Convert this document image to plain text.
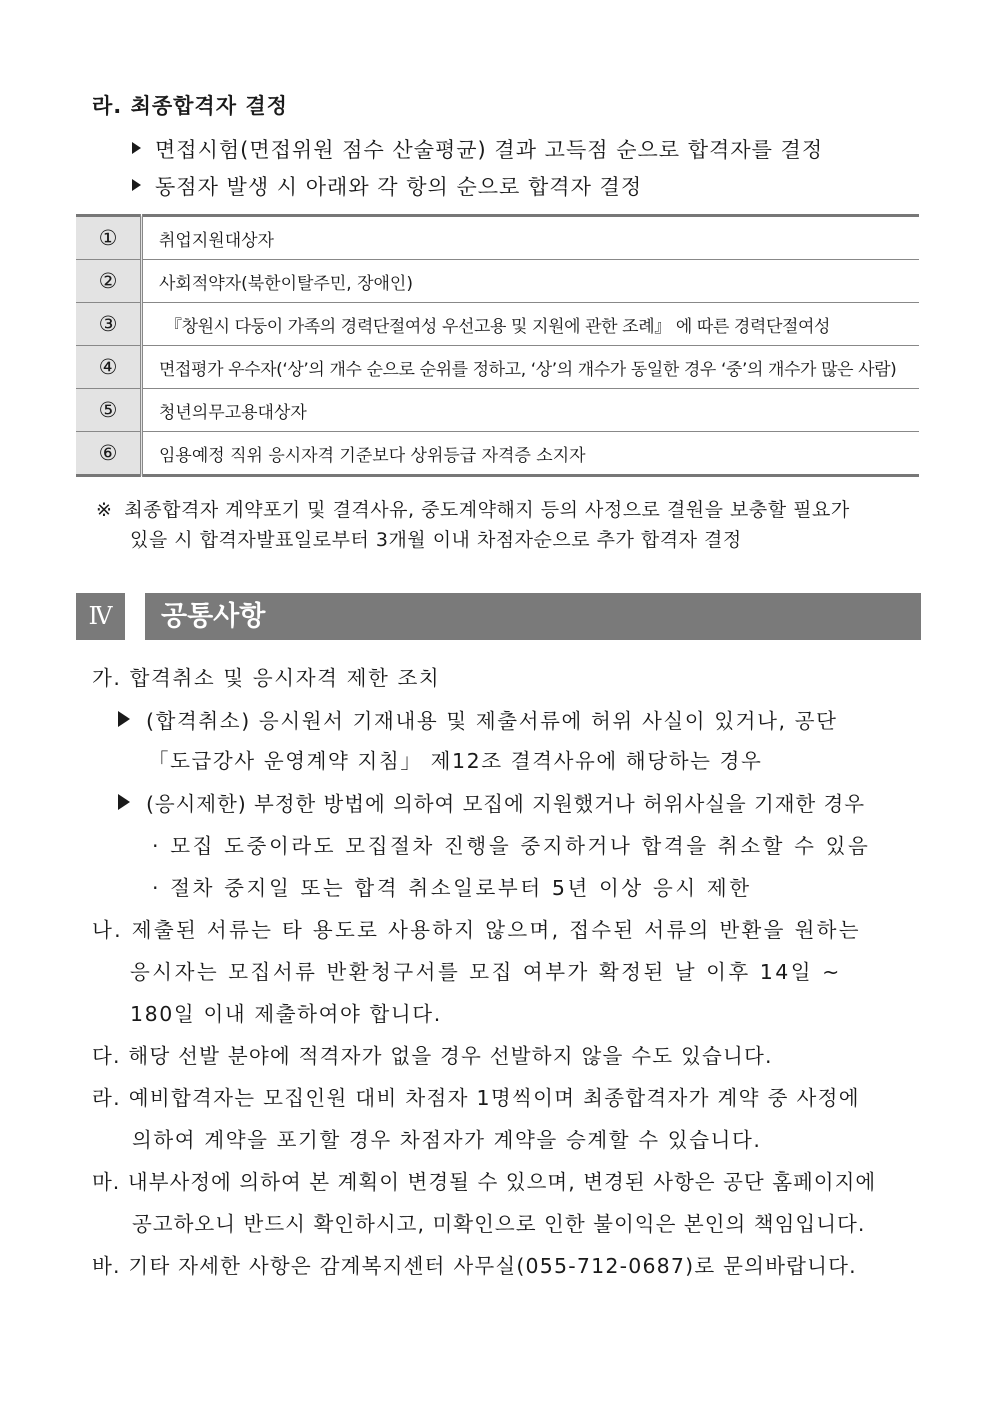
라. 최종합격자 결정
면접시험(면접위원 점수 산술평균) 결과 고득점 순으로 합격자를 결정
동점자 발생 시 아래와 각 항의 순으로 합격자 결정
①	취업지원대상자
②	사회적약자(북한이탈주민, 장애인)
③	『창원시 다둥이 가족의 경력단절여성 우선고용 및 지원에 관한 조례』 에 따른 경력단절여성
④	면접평가 우수자(‘상’의 개수 순으로 순위를 정하고, ‘상’의 개수가 동일한 경우 ‘중’의 개수가 많은 사람)
⑤	청년의무고용대상자
⑥	임용예정 직위 응시자격 기준보다 상위등급 자격증 소지자
※ 최종합격자 계약포기 및 결격사유, 중도계약해지 등의 사정으로 결원을 보충할 필요가
있을 시 합격자발표일로부터 3개월 이내 차점자순으로 추가 합격자 결정
Ⅳ	공통사항
가. 합격취소 및 응시자격 제한 조치
(합격취소) 응시원서 기재내용 및 제출서류에 허위 사실이 있거나, 공단
「도급강사 운영계약 지침」 제12조 결격사유에 해당하는 경우
(응시제한) 부정한 방법에 의하여 모집에 지원했거나 허위사실을 기재한 경우
· 모집 도중이라도 모집절차 진행을 중지하거나 합격을 취소할 수 있음
· 절차 중지일 또는 합격 취소일로부터 5년 이상 응시 제한
나. 제출된 서류는 타 용도로 사용하지 않으며, 접수된 서류의 반환을 원하는
응시자는 모집서류 반환청구서를 모집 여부가 확정된 날 이후 14일 ~
180일 이내 제출하여야 합니다.
다. 해당 선발 분야에 적격자가 없을 경우 선발하지 않을 수도 있습니다.
라. 예비합격자는 모집인원 대비 차점자 1명씩이며 최종합격자가 계약 중 사정에
의하여 계약을 포기할 경우 차점자가 계약을 승계할 수 있습니다.
마. 내부사정에 의하여 본 계획이 변경될 수 있으며, 변경된 사항은 공단 홈페이지에
공고하오니 반드시 확인하시고, 미확인으로 인한 불이익은 본인의 책임입니다.
바. 기타 자세한 사항은 감계복지센터 사무실(055-712-0687)로 문의바랍니다.
